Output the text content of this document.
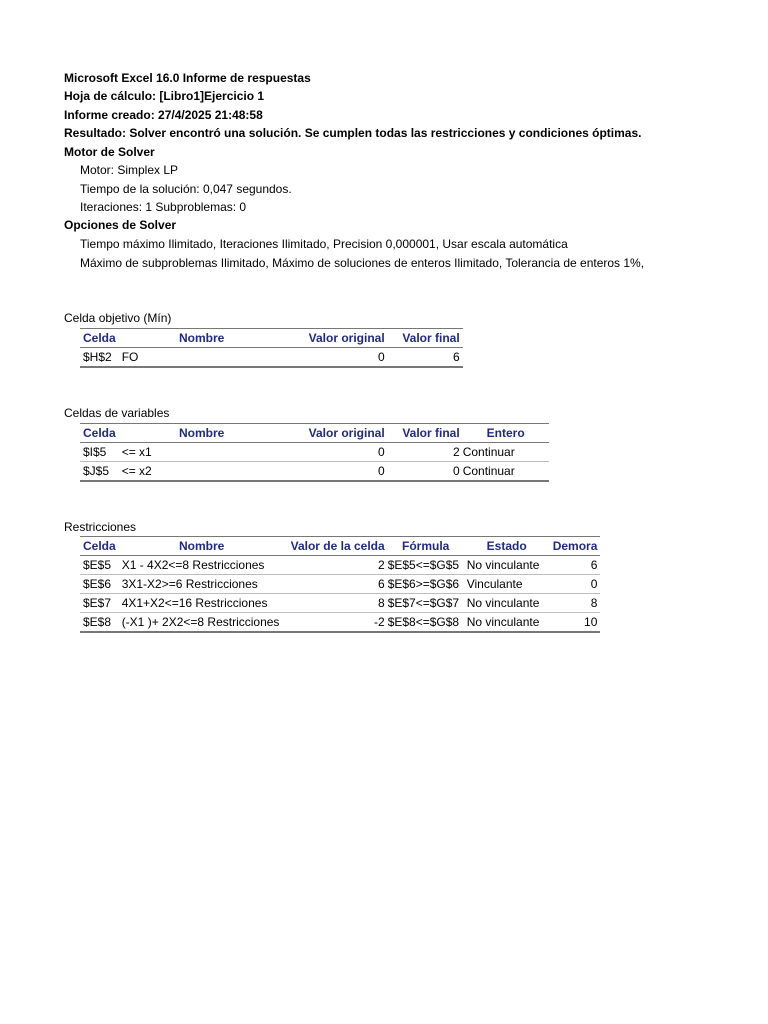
Microsoft Excel 16.0 Informe de respuestas
Hoja de cálculo: [Libro1]Ejercicio 1
Informe creado: 27/4/2025 21:48:58
Resultado: Solver encontró una solución. Se cumplen todas las restricciones y condiciones óptimas.
Motor de Solver
Motor: Simplex LP
Tiempo de la solución: 0,047 segundos.
Iteraciones: 1 Subproblemas: 0
Opciones de Solver
Tiempo máximo Ilimitado, Iteraciones Ilimitado, Precision 0,000001, Usar escala automática
Máximo de subproblemas Ilimitado, Máximo de soluciones de enteros Ilimitado, Tolerancia de enteros 1%,
Celda objetivo (Mín)
Celda	Nombre	Valor original	Valor final
$H$2	FO	0	6
Celdas de variables
Celda	Nombre	Valor original	Valor final	Entero
$I$5	<= x1	0	2	Continuar
$J$5	<= x2	0	0	Continuar
Restricciones
Celda	Nombre	Valor de la celda	Fórmula	Estado	Demora
$E$5	X1 - 4X2<=8 Restricciones	2	$E$5<=$G$5	No vinculante	6
$E$6	3X1-X2>=6 Restricciones	6	$E$6>=$G$6	Vinculante	0
$E$7	4X1+X2<=16 Restricciones	8	$E$7<=$G$7	No vinculante	8
$E$8	(-X1 )+ 2X2<=8 Restricciones	-2	$E$8<=$G$8	No vinculante	10
